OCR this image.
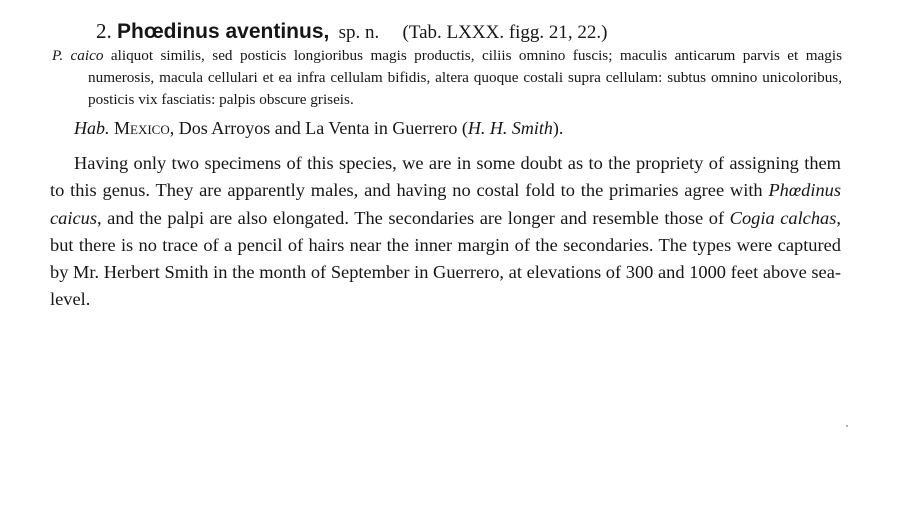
2. Phœdinus aventinus, sp. n. (Tab. LXXX. figg. 21, 22.)

P. caico aliquot similis, sed posticis longioribus magis productis, ciliis omnino fuscis; maculis anticarum parvis et magis numerosis, macula cellulari et ea infra cellulam bifidis, altera quoque costali supra cellulam: subtus omnino unicoloribus, posticis vix fasciatis: palpis obscure griseis.

Hab. Mexico, Dos Arroyos and La Venta in Guerrero (H. H. Smith).

Having only two specimens of this species, we are in some doubt as to the propriety of assigning them to this genus. They are apparently males, and having no costal fold to the primaries agree with Phœdinus caicus, and the palpi are also elongated. The secondaries are longer and resemble those of Cogia calchas, but there is no trace of a pencil of hairs near the inner margin of the secondaries. The types were captured by Mr. Herbert Smith in the month of September in Guerrero, at elevations of 300 and 1000 feet above sea-level.
